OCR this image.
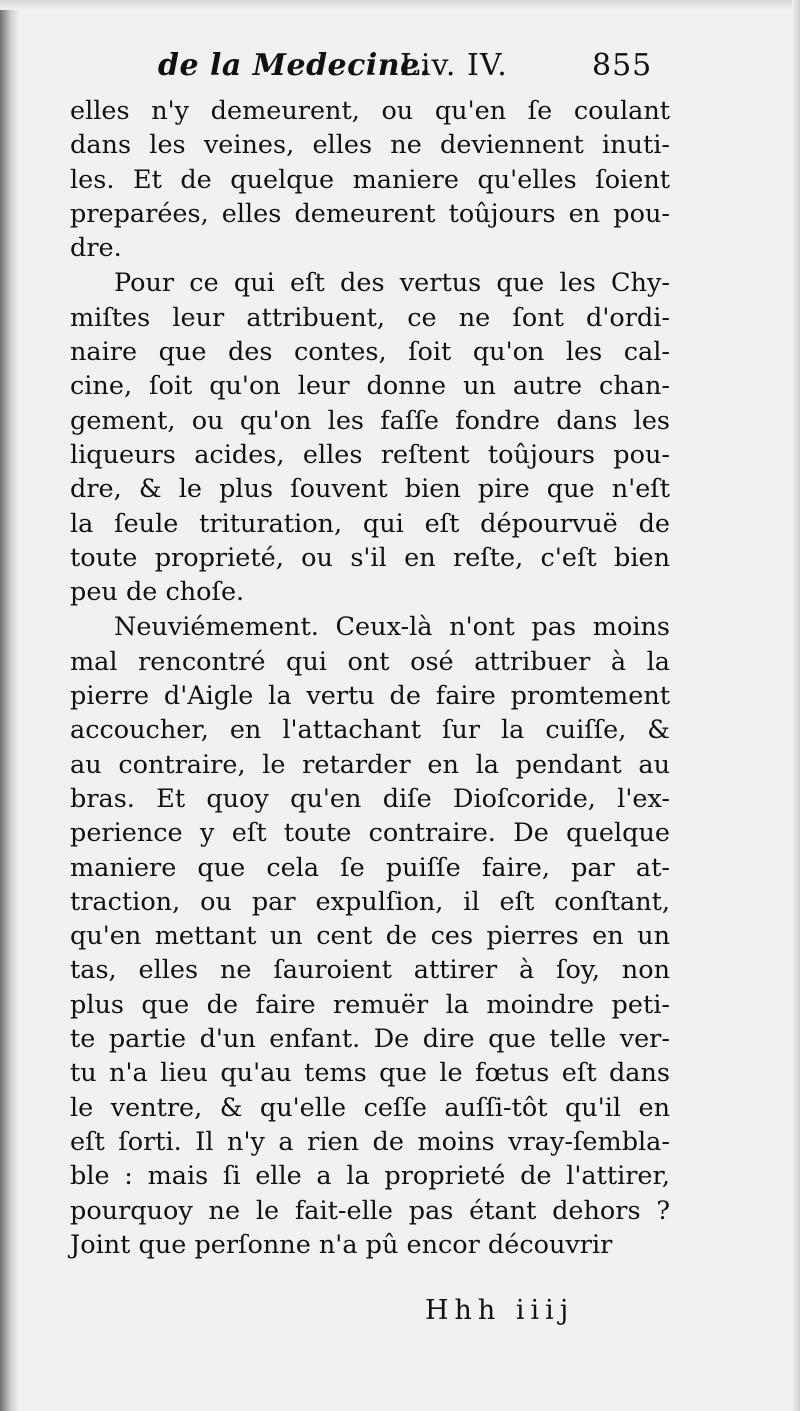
de la Medecine.
Liv. IV.	855
elles n'y demeurent, ou qu'en ſe coulant
dans les veines, elles ne deviennent inuti-
les. Et de quelque maniere qu'elles ſoient
preparées, elles demeurent toûjours en pou-
dre.
Pour ce qui eſt des vertus que les Chy-
miſtes leur attribuent, ce ne ſont d'ordi-
naire que des contes, ſoit qu'on les cal-
cine, ſoit qu'on leur donne un autre chan-
gement, ou qu'on les faſſe fondre dans les
liqueurs acides, elles reſtent toûjours pou-
dre, & le plus ſouvent bien pire que n'eſt
la ſeule trituration, qui eſt dépourvuë de
toute proprieté, ou s'il en reſte, c'eſt bien
peu de choſe.
Neuviémement. Ceux-là n'ont pas moins
mal rencontré qui ont osé attribuer à la
pierre d'Aigle la vertu de faire promtement
accoucher, en l'attachant ſur la cuiſſe, &
au contraire, le retarder en la pendant au
bras. Et quoy qu'en diſe Dioſcoride, l'ex-
perience y eſt toute contraire. De quelque
maniere que cela ſe puiſſe faire, par at-
traction, ou par expulſion, il eſt conſtant,
qu'en mettant un cent de ces pierres en un
tas, elles ne ſauroient attirer à ſoy, non
plus que de faire remuër la moindre peti-
te partie d'un enfant. De dire que telle ver-
tu n'a lieu qu'au tems que le fœtus eſt dans
le ventre, & qu'elle ceſſe auſſi-tôt qu'il en
eſt ſorti. Il n'y a rien de moins vray-ſembla-
ble : mais ſi elle a la proprieté de l'attirer,
pourquoy ne le fait-elle pas étant dehors ?
Joint que perſonne n'a pû encor découvrir
Hhh iiij
